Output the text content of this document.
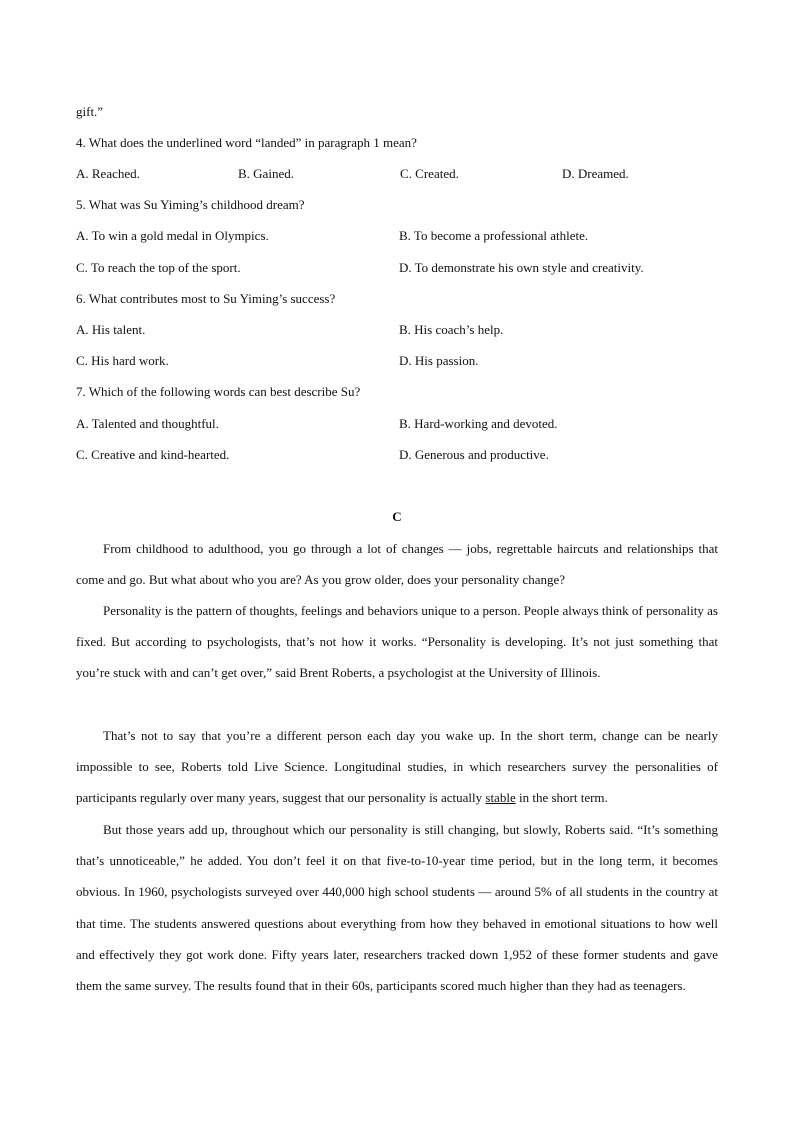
gift.”
4. What does the underlined word “landed” in paragraph 1 mean?
A. Reached.	B. Gained.	C. Created.	D. Dreamed.
5. What was Su Yiming’s childhood dream?
A. To win a gold medal in Olympics.	B. To become a professional athlete.
C. To reach the top of the sport.	D. To demonstrate his own style and creativity.
6. What contributes most to Su Yiming’s success?
A. His talent.	B. His coach’s help.
C. His hard work.	D. His passion.
7. Which of the following words can best describe Su?
A. Talented and thoughtful.	B. Hard-working and devoted.
C. Creative and kind-hearted.	D. Generous and productive.
C

From childhood to adulthood, you go through a lot of changes — jobs, regrettable haircuts and relationships that come and go. But what about who you are? As you grow older, does your personality change?

Personality is the pattern of thoughts, feelings and behaviors unique to a person. People always think of personality as fixed. But according to psychologists, that’s not how it works. “Personality is developing. It’s not just something that you’re stuck with and can’t get over,” said Brent Roberts, a psychologist at the University of Illinois.

That’s not to say that you’re a different person each day you wake up. In the short term, change can be nearly impossible to see, Roberts told Live Science. Longitudinal studies, in which researchers survey the personalities of participants regularly over many years, suggest that our personality is actually stable in the short term.

But those years add up, throughout which our personality is still changing, but slowly, Roberts said. “It’s something that’s unnoticeable,” he added. You don’t feel it on that five-to-10-year time period, but in the long term, it becomes obvious. In 1960, psychologists surveyed over 440,000 high school students — around 5% of all students in the country at that time. The students answered questions about everything from how they behaved in emotional situations to how well and effectively they got work done. Fifty years later, researchers tracked down 1,952 of these former students and gave them the same survey. The results found that in their 60s, participants scored much higher than they had as teenagers.
